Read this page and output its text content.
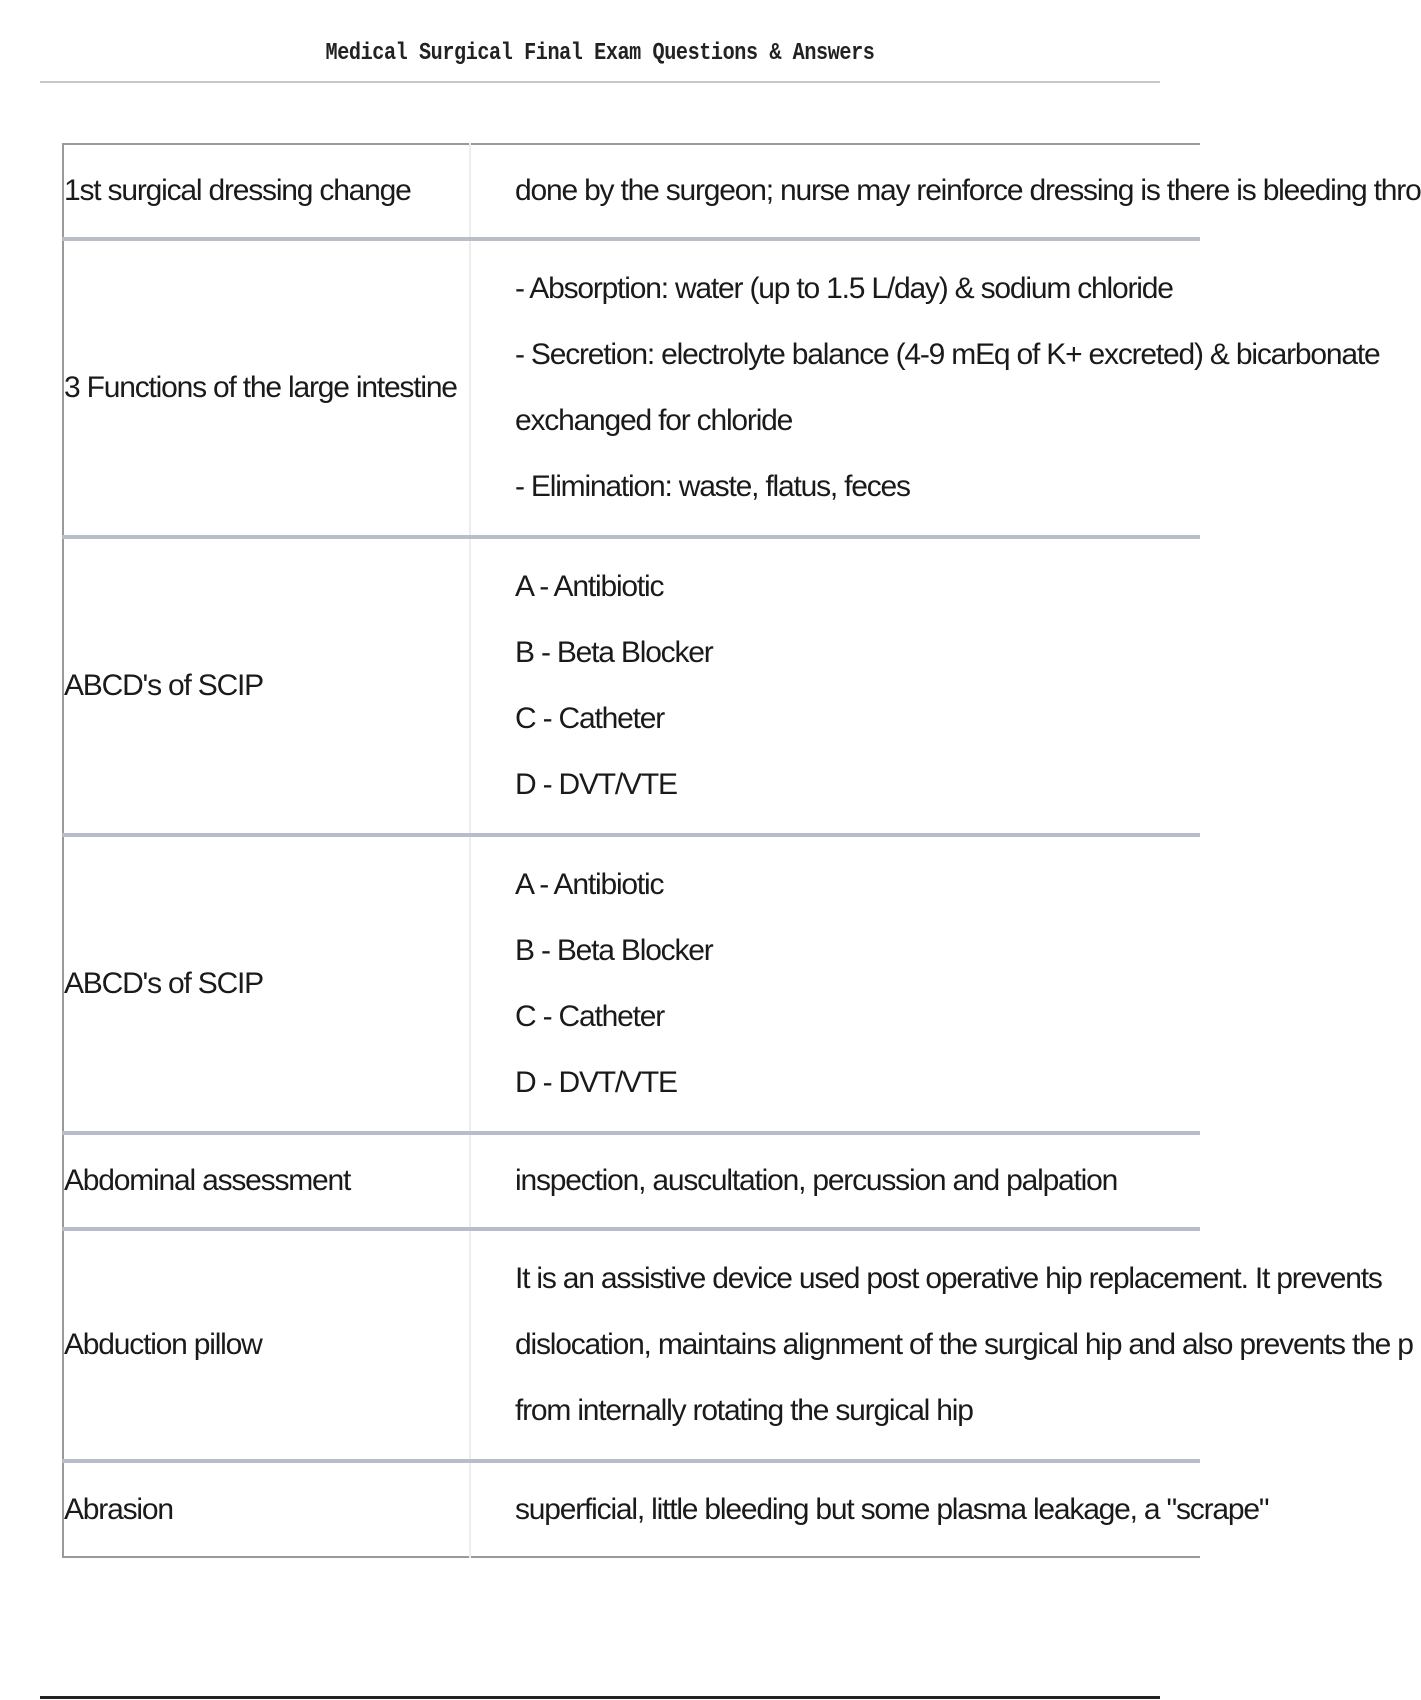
Medical Surgical Final Exam Questions & Answers
1st surgical dressing change	done by the surgeon; nurse may reinforce dressing is there is bleeding thro

3 Functions of the large intestine	- Absorption: water (up to 1.5 L/day) & sodium chloride
- Secretion: electrolyte balance (4-9 mEq of K+ excreted) & bicarbonate
exchanged for chloride
- Elimination: waste, flatus, feces

ABCD's of SCIP	A - Antibiotic
B - Beta Blocker
C - Catheter
D - DVT/VTE

ABCD's of SCIP	A - Antibiotic
B - Beta Blocker
C - Catheter
D - DVT/VTE

Abdominal assessment	inspection, auscultation, percussion and palpation

Abduction pillow	It is an assistive device used post operative hip replacement. It prevents
dislocation, maintains alignment of the surgical hip and also prevents the p
from internally rotating the surgical hip

Abrasion	superficial, little bleeding but some plasma leakage, a "scrape"
